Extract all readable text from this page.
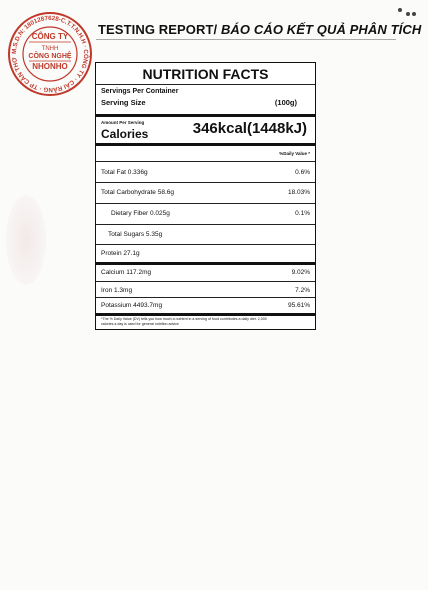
M.S.D.N: 1801287628-C.T.T.N.H.H · CÔNG TY · CÁI RĂNG · TP CẦN THƠ
CÔNG TY
TNHH
CÔNG NGHỆ
NHONHO
TESTING REPORT/ BÁO CÁO KẾT QUẢ PHÂN TÍCH
NUTRITION FACTS
Servings Per Container
Serving Size	(100g)
Amount Per Serving
Calories	346kcal(1448kJ)
%Daily Value *
Total Fat 0.336g	0.6%
Total Carbohydrate 58.6g	18.03%
Dietary Fiber 0.025g	0.1%
Total Sugars 5.35g
Protein 27.1g
Calcium 117.2mg	9.02%
Iron 1.3mg	7.2%
Potassium 4493.7mg	95.61%
*The % Daily Value (DV) tells you how much a nutrient in a serving of food contributes a daily diet. 2,000
calories a day is used for general nutrition advice
